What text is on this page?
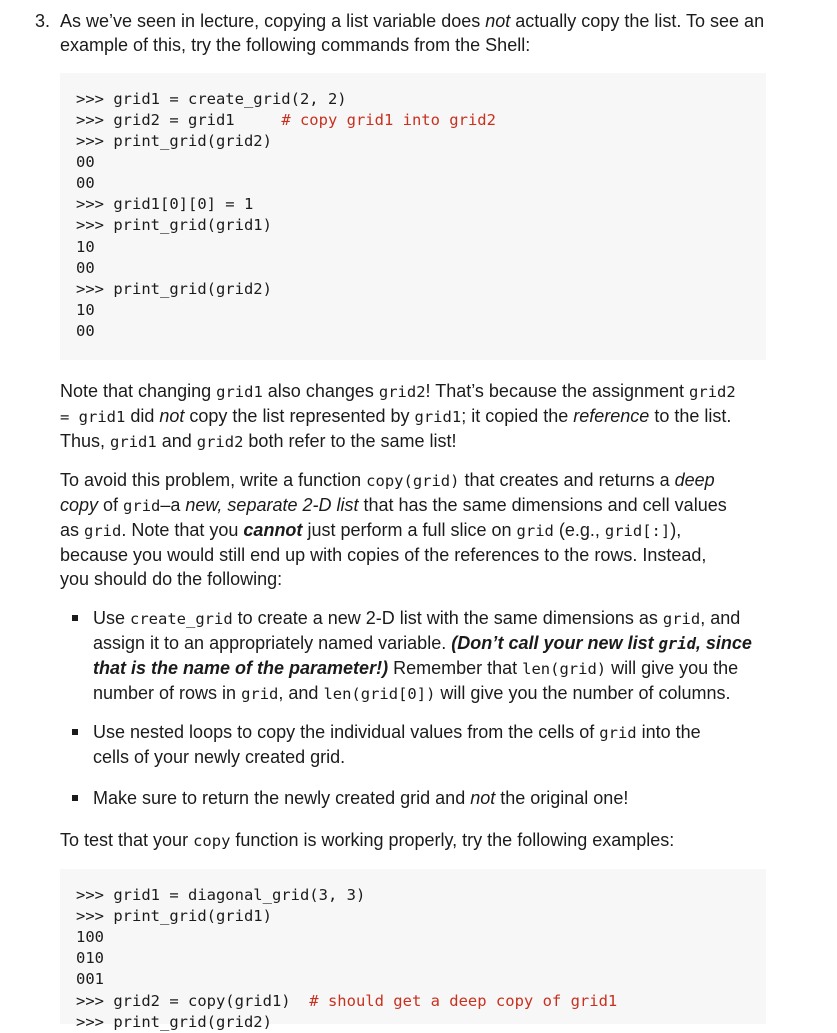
3. As we’ve seen in lecture, copying a list variable does not actually copy the list. To see an example of this, try the following commands from the Shell:

>>> grid1 = create_grid(2, 2)
>>> grid2 = grid1     # copy grid1 into grid2
>>> print_grid(grid2)
00
00
>>> grid1[0][0] = 1
>>> print_grid(grid1)
10
00
>>> print_grid(grid2)
10
00
Note that changing grid1 also changes grid2! That’s because the assignment grid2
= grid1 did not copy the list represented by grid1; it copied the reference to the list.
Thus, grid1 and grid2 both refer to the same list!
To avoid this problem, write a function copy(grid) that creates and returns a deep
copy of grid–a new, separate 2-D list that has the same dimensions and cell values
as grid. Note that you cannot just perform a full slice on grid (e.g., grid[:]),
because you would still end up with copies of the references to the rows. Instead,
you should do the following:
Use create_grid to create a new 2-D list with the same dimensions as grid, and
assign it to an appropriately named variable. (Don’t call your new list grid, since
that is the name of the parameter!) Remember that len(grid) will give you the
number of rows in grid, and len(grid[0]) will give you the number of columns.
Use nested loops to copy the individual values from the cells of grid into the
cells of your newly created grid.
Make sure to return the newly created grid and not the original one!
To test that your copy function is working properly, try the following examples:
>>> grid1 = diagonal_grid(3, 3)
>>> print_grid(grid1)
100
010
001
>>> grid2 = copy(grid1)  # should get a deep copy of grid1
>>> print_grid(grid2)
